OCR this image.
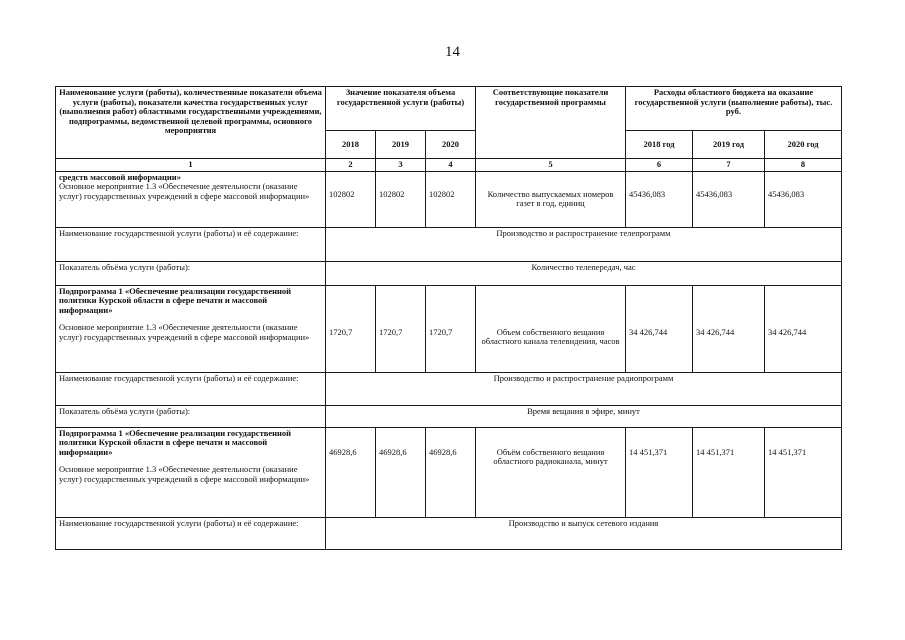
14
Наименование услуги (работы), количественные показатели объема услуги (работы), показатели качества государственных услуг (выполнения работ) областными государственными учреждениями, подпрограммы, ведомственной целевой программы, основного мероприятия	Значение показателя объема государственной услуги (работы)			Соответствующие показатели государственной программы	Расходы областного бюджета на оказание государственной услуги (выполнение работы), тыс. руб.		
	2018	2019	2020		2018 год	2019 год	2020 год
1	2	3	4	5	6	7	8

средств массовой информации»

Основное мероприятие 1.3 «Обеспечение деятельности (оказание услуг) государственных учреждений в сфере массовой информации»	102802	102802	102802	Количество выпускаемых номеров газет в год, единиц	45436,083	45436,083	45436,083
Наименование государственной услуги (работы) и её содержание:	Производство и распространение телепрограмм						
Показатель объёма услуги (работы):	Количество телепередач, час						

Подпрограмма 1 «Обеспечение реализации государственной политики Курской области в сфере печати и массовой информации»

Основное мероприятие 1.3 «Обеспечение деятельности (оказание услуг) государственных учреждений в сфере массовой информации»	1720,7	1720,7	1720,7	Объем собственного вещания областного канала телевидения, часов	34 426,744	34 426,744	34 426,744
Наименование государственной услуги (работы) и её содержание:	Производство и распространение радиопрограмм						
Показатель объёма услуги (работы):	Время вещания в эфире, минут						

Подпрограмма 1 «Обеспечение реализации государственной политики Курской области в сфере печати и массовой информации»

Основное мероприятие 1.3 «Обеспечение деятельности (оказание услуг) государственных учреждений в сфере массовой информации»	46928,6	46928,6	46928,6	Объём собственного вещания областного радиоканала, минут	14 451,371	14 451,371	14 451,371
Наименование государственной услуги (работы) и её содержание:	Производство и выпуск сетевого издания						
